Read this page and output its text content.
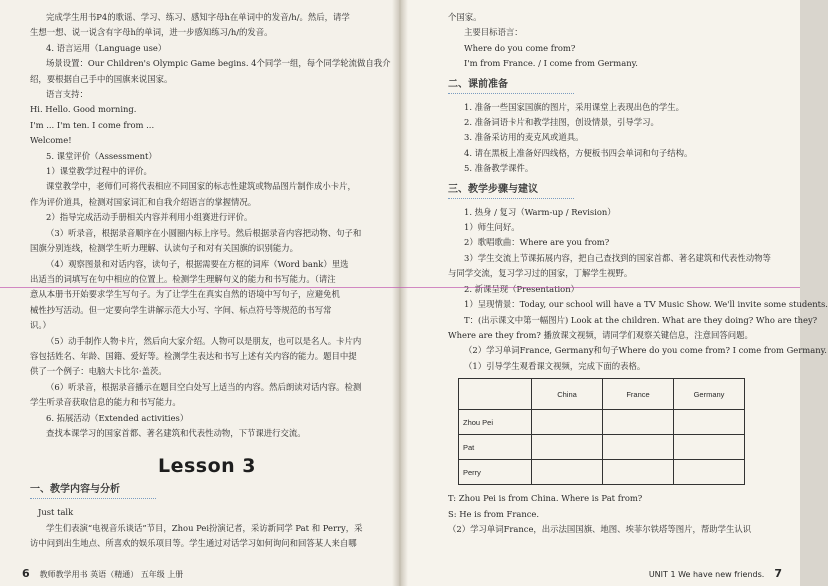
完成学生用书P4的歌谣、学习、练习、感知字母h在单词中的发音/h/。然后，请学
生想一想、说一说含有字母h的单词，进一步感知练习/h/的发音。
4. 语言运用（Language use）
场景设置：Our Children's Olympic Game begins. 4个同学一组，每个同学轮流做自我介
绍，要根据自己手中的国旗来说国家。
语言支持：
Hi. Hello. Good morning.
I'm ... I'm ten. I come from ...
Welcome!
5. 课堂评价（Assessment）
1）课堂教学过程中的评价。
课堂教学中，老师们可将代表相应不同国家的标志性建筑或物品图片制作成小卡片，
作为评价道具，检测对国家词汇和自我介绍语言的掌握情况。
2）指导完成活动手册相关内容并利用小组赛进行评价。
（3）听录音，根据录音顺序在小圆圈内标上序号。然后根据录音内容把动物、句子和
国旗分别连线，检测学生听力理解、认读句子和对有关国旗的识别能力。
（4）观察图景和对话内容，读句子，根据需要在方框的词库（Word bank）里选
出适当的词填写在句中相应的位置上。检测学生理解句义的能力和书写能力。（请注
意从本册书开始要求学生写句子。为了让学生在真实自然的语境中写句子，应避免机
械性抄写活动。但一定要向学生讲解示范大小写、字间、标点符号等规范的书写常
识。）
（5）动手制作人物卡片，然后向大家介绍。人物可以是朋友，也可以是名人。卡片内
容包括姓名、年龄、国籍、爱好等。检测学生表达和书写上述有关内容的能力。题目中提
供了一个例子：电脑大卡比尔·盖茨。
（6）听录音，根据录音播示在题目空白处写上适当的内容。然后朗读对话内容。检测
学生听录音获取信息的能力和书写能力。
6. 拓展活动（Extended activities）
查找本课学习的国家首都、著名建筑和代表性动物，下节课进行交流。
Lesson 3
一、教学内容与分析
Just talk
学生们表演“电视音乐谈话”节目，Zhou Pei扮演记者，采访新同学 Pat 和 Perry，采
访中问到出生地点、所喜欢的娱乐项目等。学生通过对话学习如何询问和回答某人来自哪
6 教师教学用书 英语（精通） 五年级 上册
个国家。
主要目标语言：
Where do you come from?
I'm from France. / I come from Germany.
二、课前准备
1. 准备一些国家国旗的图片，采用课堂上表现出色的学生。
2. 准备词语卡片和教学挂图，创设情景，引导学习。
3. 准备采访用的麦克风或道具。
4. 请在黑板上准备好四线格，方便板书四会单词和句子结构。
5. 准备教学课件。
三、教学步骤与建议
1. 热身 / 复习（Warm-up / Revision）
1）师生问好。
2）歌唱歌曲：Where are you from?
3）学生交流上节课拓展内容，把自己查找到的国家首都、著名建筑和代表性动物等
与同学交流，复习学习过的国家，丁解学生视野。
2. 新课呈现（Presentation）
1）呈现情景：Today, our school will have a TV Music Show. We'll invite some students.
T：(出示课文中第一幅图片) Look at the children. What are they doing? Who are they?
Where are they from? 播放课文视频，请同学们观察关键信息，注意回答问题。
（2）学习单词France, Germany和句子Where do you come from? I come from Germany.
（1）引导学生观看课文视频，完成下面的表格。
	China	France	Germany
Zhou Pei			
Pat			
Perry			
T: Zhou Pei is from China. Where is Pat from?
S: He is from France.
（2）学习单词France，出示法国国旗、地图、埃菲尔铁塔等图片，帮助学生认识
UNIT 1 We have new friends. 7
